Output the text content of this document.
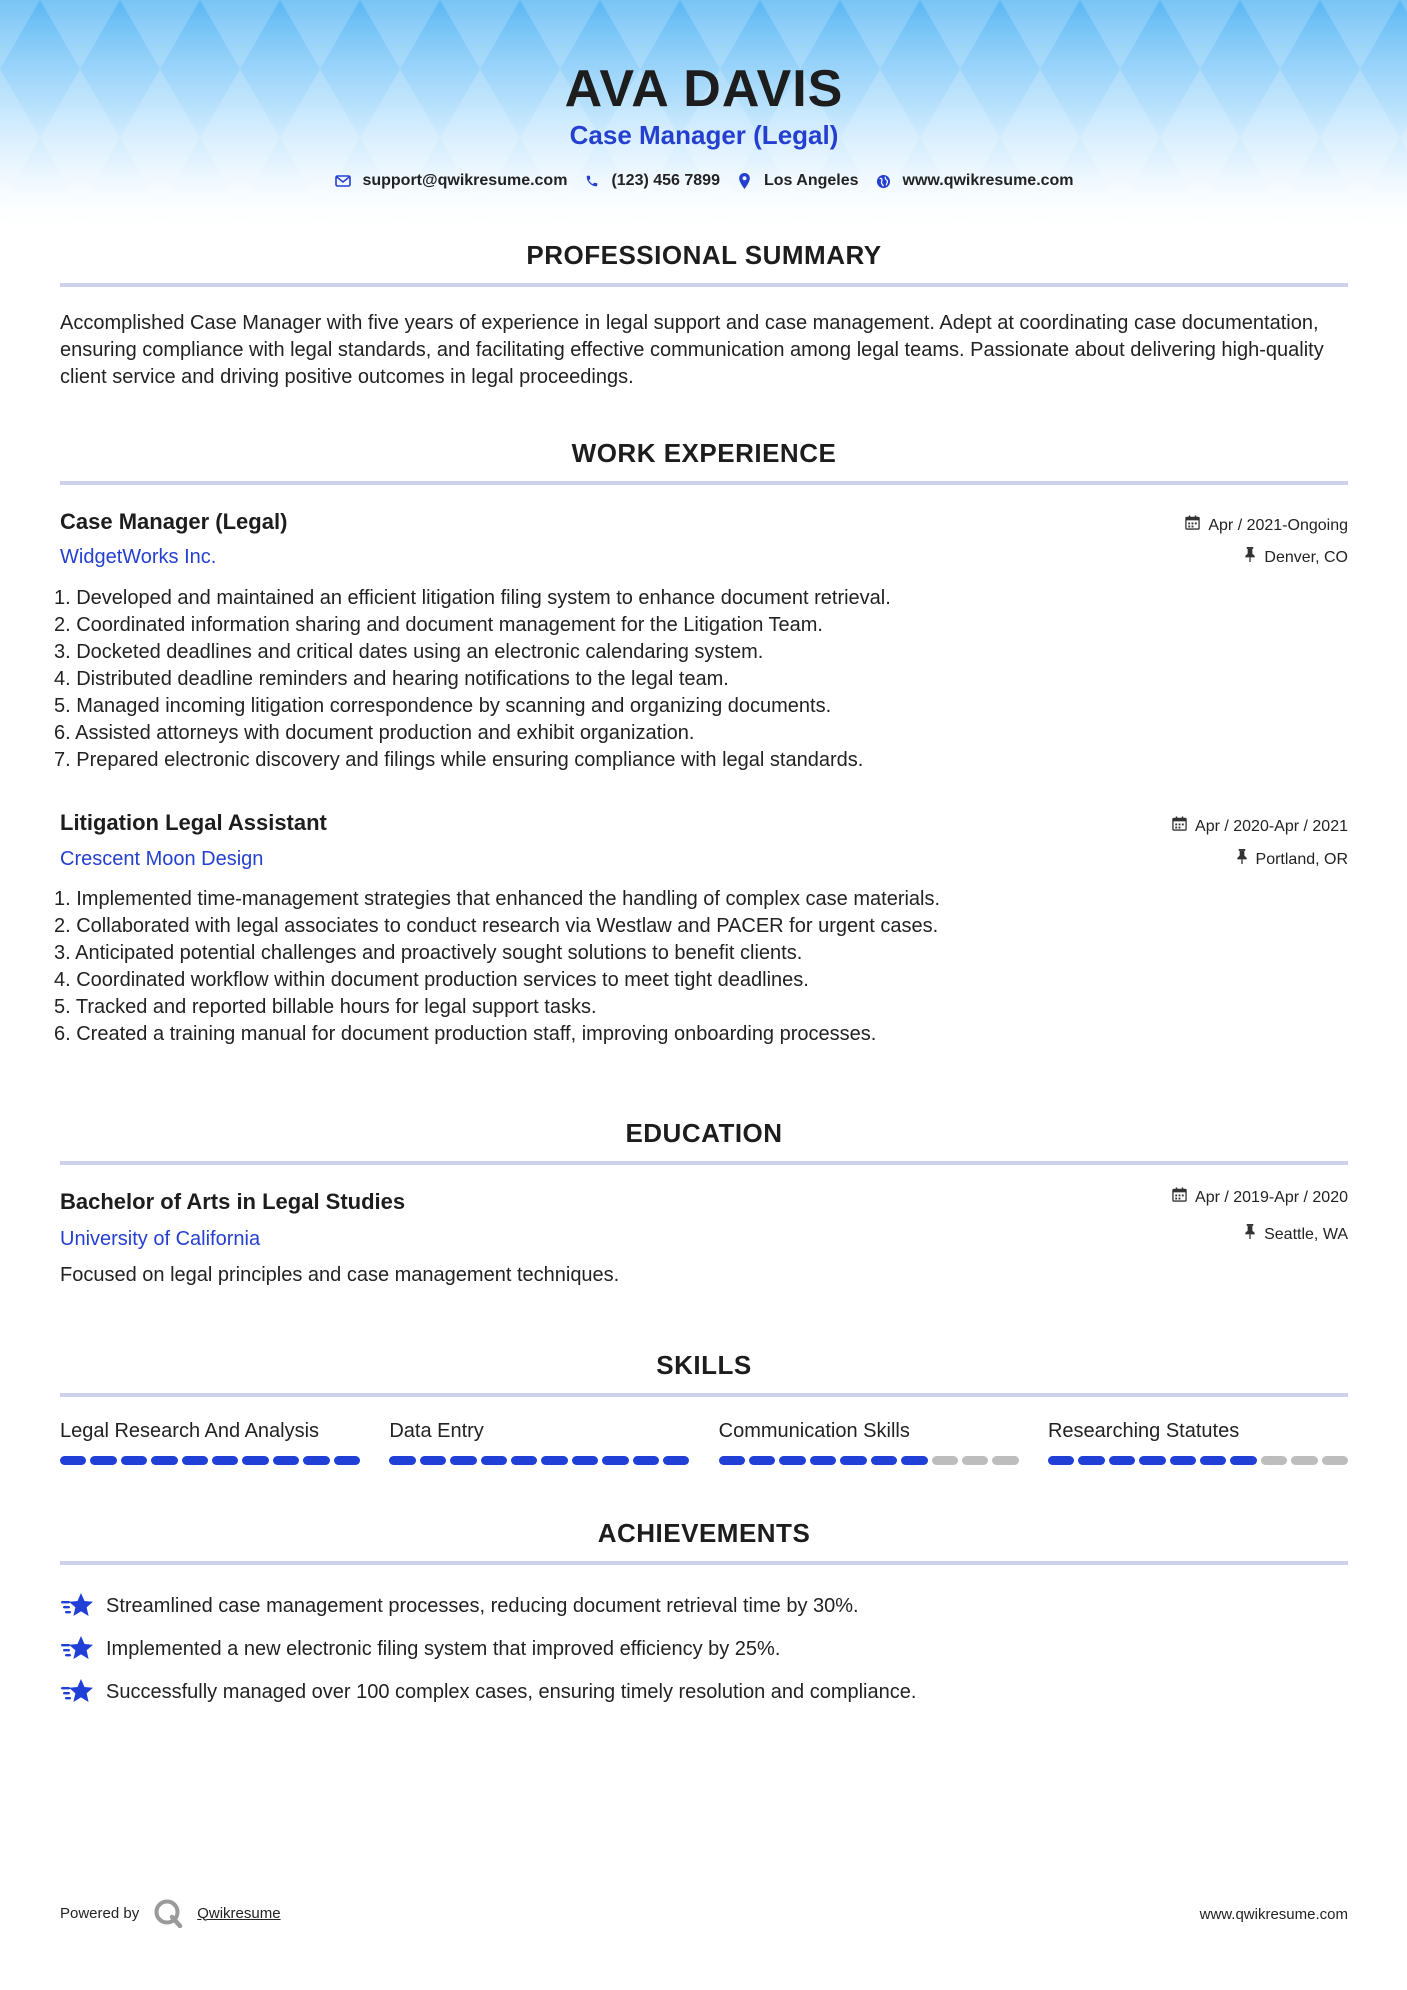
AVA DAVIS
Case Manager (Legal)
support@qwikresume.com	(123) 456 7899	Los Angeles	www.qwikresume.com
PROFESSIONAL SUMMARY
Accomplished Case Manager with five years of experience in legal support and case management. Adept at coordinating case documentation, ensuring compliance with legal standards, and facilitating effective communication among legal teams. Passionate about delivering high-quality client service and driving positive outcomes in legal proceedings.
WORK EXPERIENCE
Case Manager (Legal)
WidgetWorks Inc.
Apr / 2021-Ongoing
Denver, CO
1. Developed and maintained an efficient litigation filing system to enhance document retrieval.
2. Coordinated information sharing and document management for the Litigation Team.
3. Docketed deadlines and critical dates using an electronic calendaring system.
4. Distributed deadline reminders and hearing notifications to the legal team.
5. Managed incoming litigation correspondence by scanning and organizing documents.
6. Assisted attorneys with document production and exhibit organization.
7. Prepared electronic discovery and filings while ensuring compliance with legal standards.
Litigation Legal Assistant
Crescent Moon Design
Apr / 2020-Apr / 2021
Portland, OR
1. Implemented time-management strategies that enhanced the handling of complex case materials.
2. Collaborated with legal associates to conduct research via Westlaw and PACER for urgent cases.
3. Anticipated potential challenges and proactively sought solutions to benefit clients.
4. Coordinated workflow within document production services to meet tight deadlines.
5. Tracked and reported billable hours for legal support tasks.
6. Created a training manual for document production staff, improving onboarding processes.
EDUCATION
Bachelor of Arts in Legal Studies
University of California
Apr / 2019-Apr / 2020
Seattle, WA
Focused on legal principles and case management techniques.
SKILLS
Legal Research And Analysis	Data Entry	Communication Skills	Researching Statutes
ACHIEVEMENTS
Streamlined case management processes, reducing document retrieval time by 30%.
Implemented a new electronic filing system that improved efficiency by 25%.
Successfully managed over 100 complex cases, ensuring timely resolution and compliance.
Powered by	Qwikresume	www.qwikresume.com
